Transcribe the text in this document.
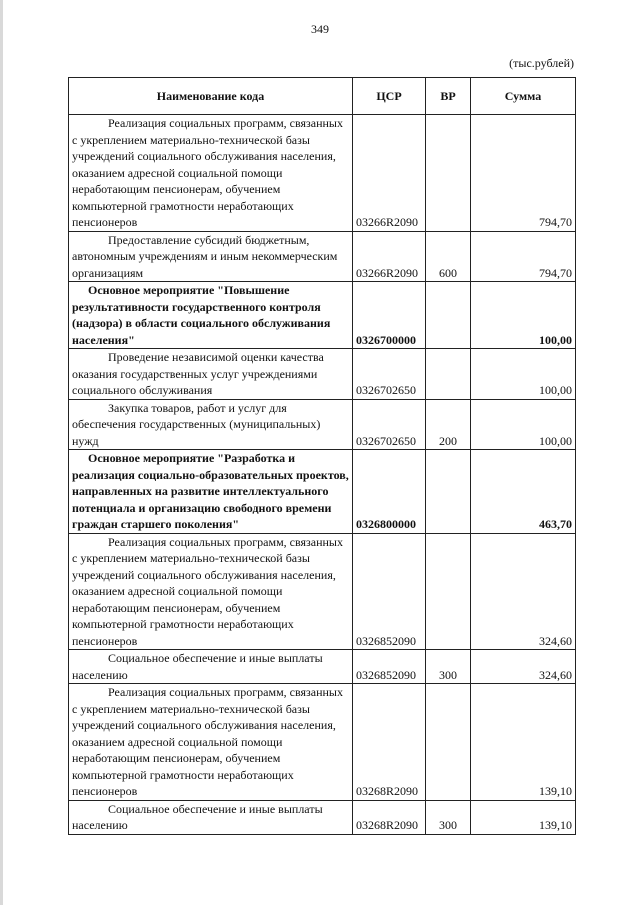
349
(тыс.рублей)
Наименование кода	ЦСР	ВР	Сумма
Реализация социальных программ, связанных с укреплением материально-технической базы учреждений социального обслуживания населения, оказанием адресной социальной помощи неработающим пенсионерам, обучением компьютерной грамотности неработающих пенсионеров	03266R2090		794,70
Предоставление субсидий бюджетным, автономным учреждениям и иным некоммерческим организациям	03266R2090	600	794,70
Основное мероприятие "Повышение результативности государственного контроля (надзора) в области социального обслуживания населения"	0326700000		100,00
Проведение независимой оценки качества оказания государственных услуг учреждениями социального обслуживания	0326702650		100,00
Закупка товаров, работ и услуг для обеспечения государственных (муниципальных) нужд	0326702650	200	100,00
Основное мероприятие "Разработка и реализация социально-образовательных проектов, направленных на развитие интеллектуального потенциала и организацию свободного времени граждан старшего поколения"	0326800000		463,70
Реализация социальных программ, связанных с укреплением материально-технической базы учреждений социального обслуживания населения, оказанием адресной социальной помощи неработающим пенсионерам, обучением компьютерной грамотности неработающих пенсионеров	0326852090		324,60
Социальное обеспечение и иные выплаты населению	0326852090	300	324,60
Реализация социальных программ, связанных с укреплением материально-технической базы учреждений социального обслуживания населения, оказанием адресной социальной помощи неработающим пенсионерам, обучением компьютерной грамотности неработающих пенсионеров	03268R2090		139,10
Социальное обеспечение и иные выплаты населению	03268R2090	300	139,10
